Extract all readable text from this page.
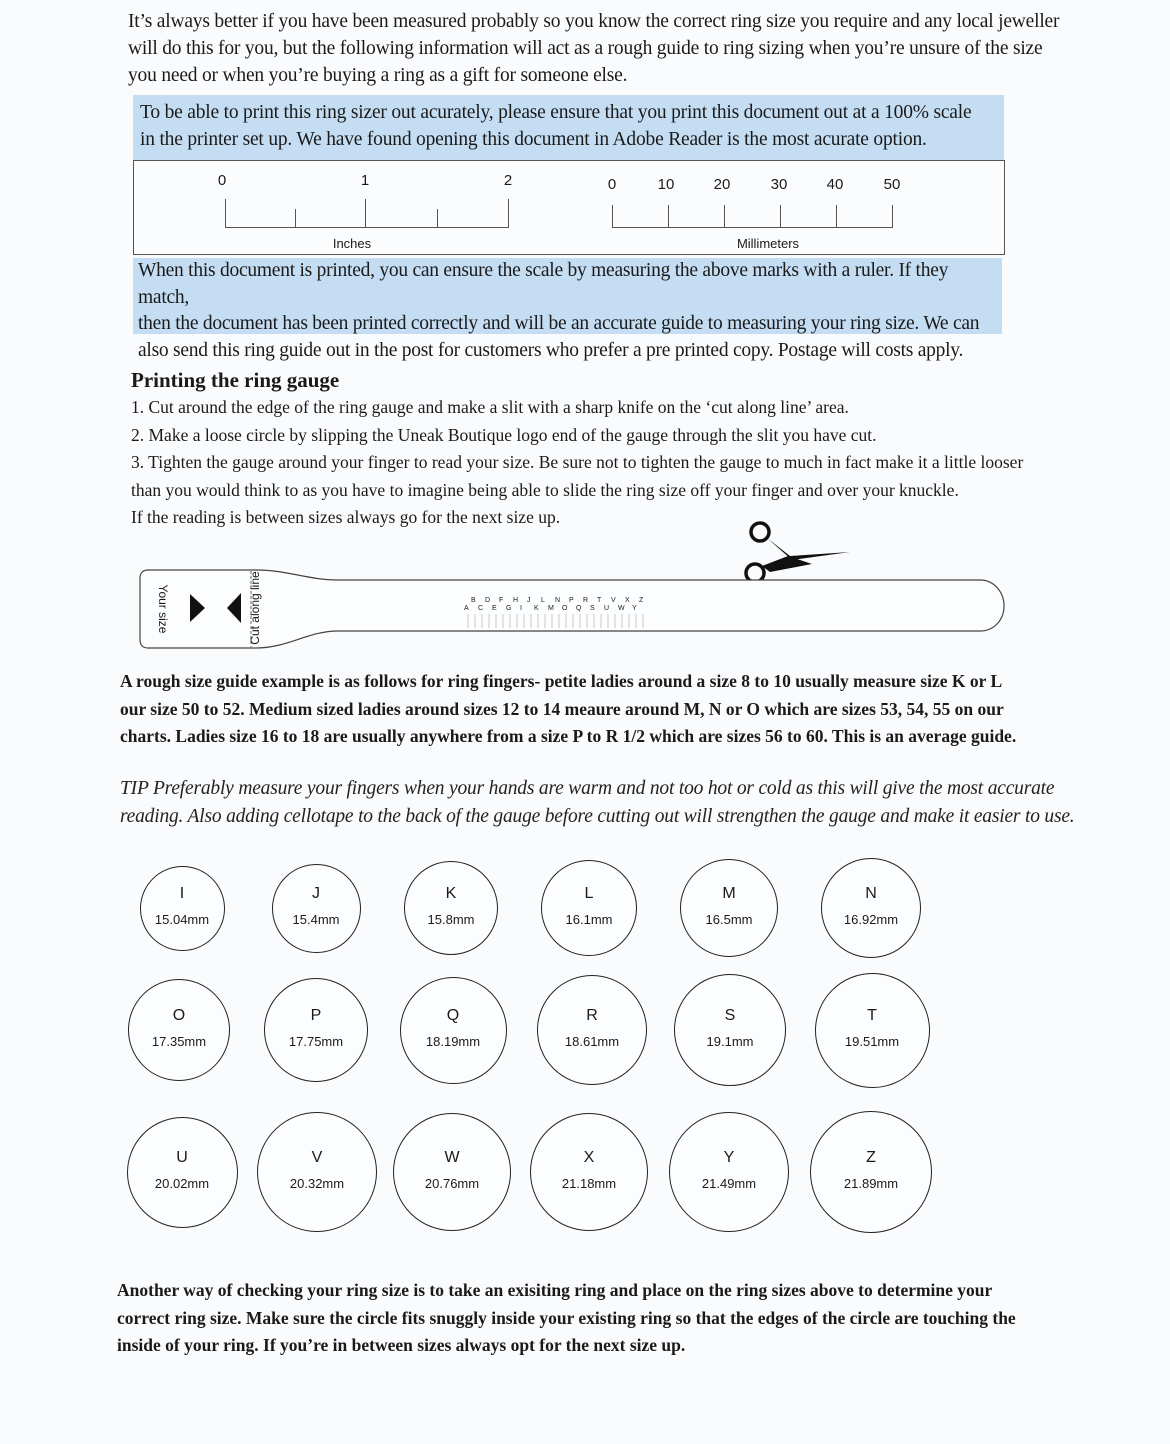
It’s always better if you have been measured probably so you know the correct ring size you require and any local jeweller
will do this for you, but the following information will act as a rough guide to ring sizing when you’re unsure of the size
you need or when you’re buying a ring as a gift for someone else.
To be able to print this ring sizer out acurately, please ensure that you print this document out at a 100% scale
in the printer set up. We have found opening this document in Adobe Reader is the most acurate option.
0	1	2
Inches
0	10	20	30	40	50
Millimeters
When this document is printed, you can ensure the scale by measuring the above marks with a ruler. If they match,
then the document has been printed correctly and will be an accurate guide to measuring your ring size. We can
also send this ring guide out in the post for customers who prefer a pre printed copy. Postage will costs apply.
Printing the ring gauge
1. Cut around the edge of the ring gauge and make a slit with a sharp knife on the ‘cut along line’ area.
2. Make a loose circle by slipping the Uneak Boutique logo end of the gauge through the slit you have cut.
3. Tighten the gauge around your finger to read your size. Be sure not to tighten the gauge to much in fact make it a little looser
than you would think to as you have to imagine being able to slide the ring size off your finger and over your knuckle.
If the reading is between sizes always go for the next size up.
Your size	Cut along line	B D F H J L N P R T V X Z
A C E G I K M O Q S U W Y
A rough size guide example is as follows for ring fingers- petite ladies around a size 8 to 10 usually measure size K or L
our size 50 to 52. Medium sized ladies around sizes 12 to 14 meaure around M, N or O which are sizes 53, 54, 55 on our
charts. Ladies size 16 to 18 are usually anywhere from a size P to R 1/2 which are sizes 56 to 60. This is an average guide.
TIP Preferably measure your fingers when your hands are warm and not too hot or cold as this will give the most accurate
reading. Also adding cellotape to the back of the gauge before cutting out will strengthen the gauge and make it easier to use.
I
15.04mm
J
15.4mm
K
15.8mm
L
16.1mm
M
16.5mm
N
16.92mm
O
17.35mm
P
17.75mm
Q
18.19mm
R
18.61mm
S
19.1mm
T
19.51mm
U
20.02mm
V
20.32mm
W
20.76mm
X
21.18mm
Y
21.49mm
Z
21.89mm
Another way of checking your ring size is to take an exisiting ring and place on the ring sizes above to determine your
correct ring size. Make sure the circle fits snuggly inside your existing ring so that the edges of the circle are touching the
inside of your ring. If you’re in between sizes always opt for the next size up.
